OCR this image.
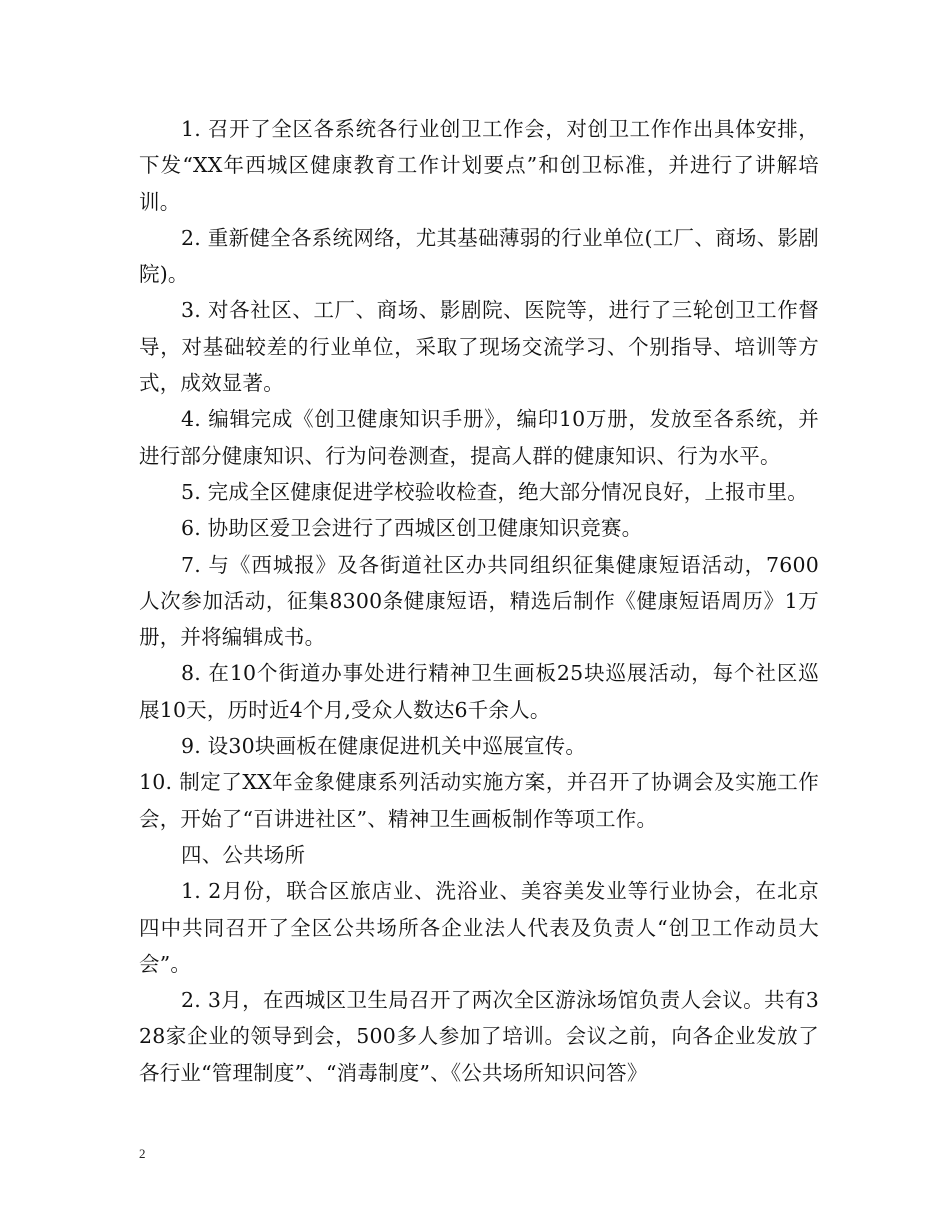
1. 召开了全区各系统各行业创卫工作会，对创卫工作作出具体安排，下发“XX年西城区健康教育工作计划要点”和创卫标准，并进行了讲解培训。

2. 重新健全各系统网络，尤其基础薄弱的行业单位(工厂、商场、影剧院)。

3. 对各社区、工厂、商场、影剧院、医院等，进行了三轮创卫工作督导，对基础较差的行业单位，采取了现场交流学习、个别指导、培训等方式，成效显著。

4. 编辑完成《创卫健康知识手册》，编印10万册，发放至各系统，并进行部分健康知识、行为问卷测查，提高人群的健康知识、行为水平。

5. 完成全区健康促进学校验收检查，绝大部分情况良好，上报市里。

6. 协助区爱卫会进行了西城区创卫健康知识竞赛。

7. 与《西城报》及各街道社区办共同组织征集健康短语活动，7600人次参加活动，征集8300条健康短语，精选后制作《健康短语周历》1万册，并将编辑成书。

8. 在10个街道办事处进行精神卫生画板25块巡展活动，每个社区巡展10天，历时近4个月,受众人数达6千余人。

9. 设30块画板在健康促进机关中巡展宣传。

10. 制定了XX年金象健康系列活动实施方案，并召开了协调会及实施工作会，开始了“百讲进社区”、精神卫生画板制作等项工作。

四、公共场所

1. 2月份，联合区旅店业、洗浴业、美容美发业等行业协会，在北京四中共同召开了全区公共场所各企业法人代表及负责人“创卫工作动员大会”。

2. 3月，在西城区卫生局召开了两次全区游泳场馆负责人会议。共有328家企业的领导到会，500多人参加了培训。会议之前，向各企业发放了各行业“管理制度”、“消毒制度”、《公共场所知识问答》

2
